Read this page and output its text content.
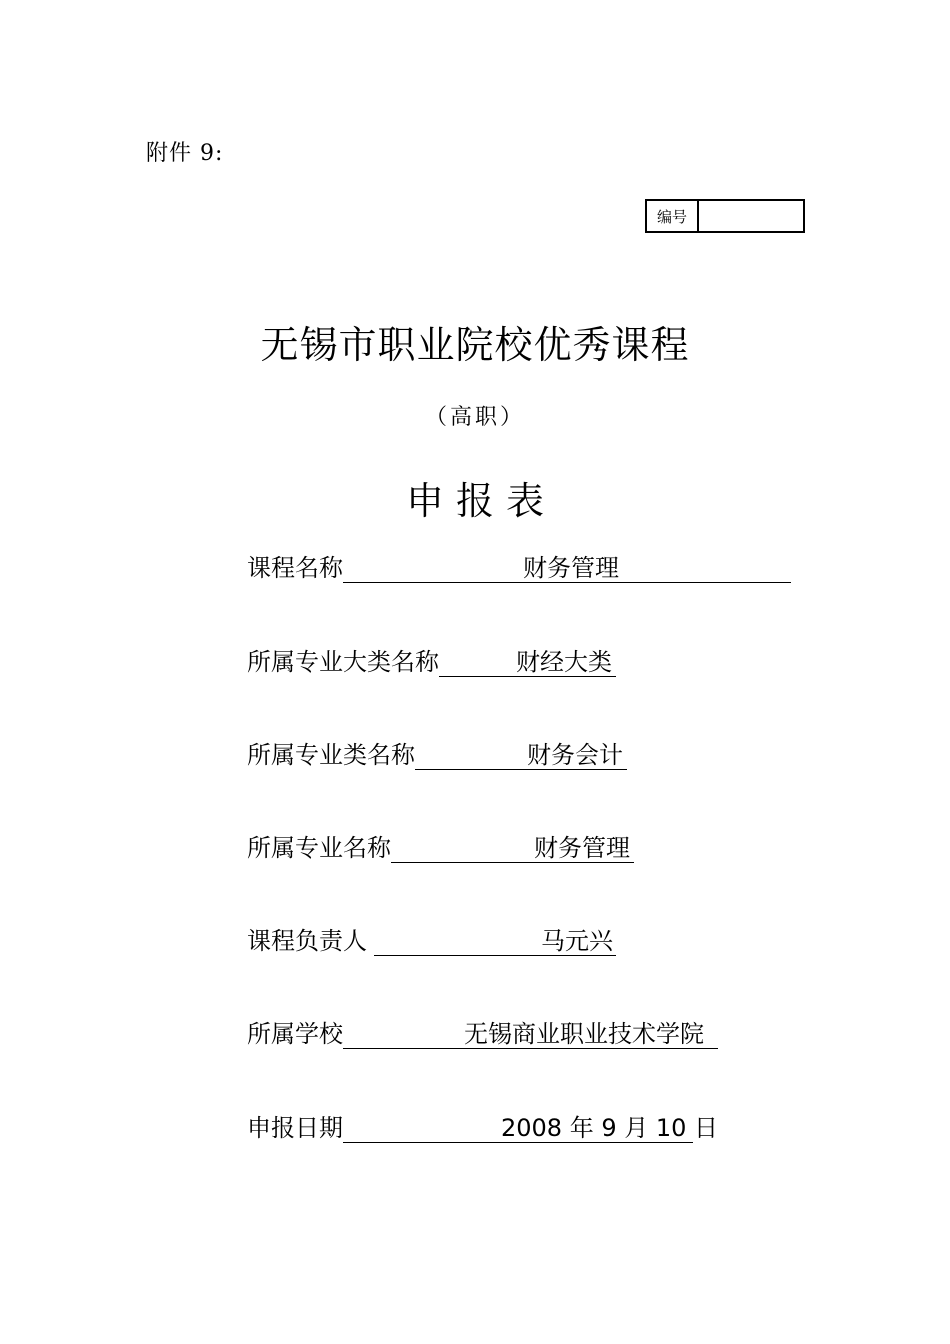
附件 9:
编号
无锡市职业院校优秀课程
（高职）
申报表
课程名称	财务管理
所属专业大类名称	财经大类
所属专业类名称	财务会计
所属专业名称	财务管理
课程负责人	马元兴
所属学校	无锡商业职业技术学院
申报日期	2008 年 9 月 10 日
